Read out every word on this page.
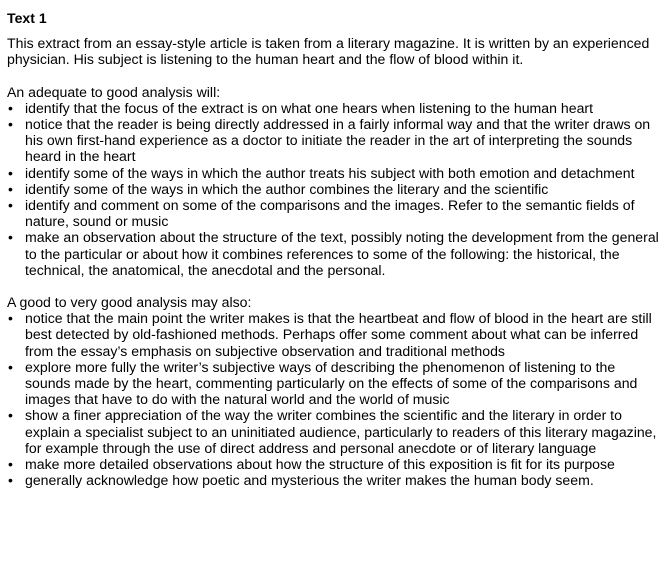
Text 1
This extract from an essay-style article is taken from a literary magazine. It is written by an experienced physician. His subject is listening to the human heart and the flow of blood within it.
An adequate to good analysis will:
• identify that the focus of the extract is on what one hears when listening to the human heart
• notice that the reader is being directly addressed in a fairly informal way and that the writer draws on his own first-hand experience as a doctor to initiate the reader in the art of interpreting the sounds heard in the heart
• identify some of the ways in which the author treats his subject with both emotion and detachment
• identify some of the ways in which the author combines the literary and the scientific
• identify and comment on some of the comparisons and the images. Refer to the semantic fields of nature, sound or music
• make an observation about the structure of the text, possibly noting the development from the general to the particular or about how it combines references to some of the following: the historical, the technical, the anatomical, the anecdotal and the personal.
A good to very good analysis may also:
• notice that the main point the writer makes is that the heartbeat and flow of blood in the heart are still best detected by old-fashioned methods. Perhaps offer some comment about what can be inferred from the essay’s emphasis on subjective observation and traditional methods
• explore more fully the writer’s subjective ways of describing the phenomenon of listening to the sounds made by the heart, commenting particularly on the effects of some of the comparisons and images that have to do with the natural world and the world of music
• show a finer appreciation of the way the writer combines the scientific and the literary in order to explain a specialist subject to an uninitiated audience, particularly to readers of this literary magazine, for example through the use of direct address and personal anecdote or of literary language
• make more detailed observations about how the structure of this exposition is fit for its purpose
• generally acknowledge how poetic and mysterious the writer makes the human body seem.
